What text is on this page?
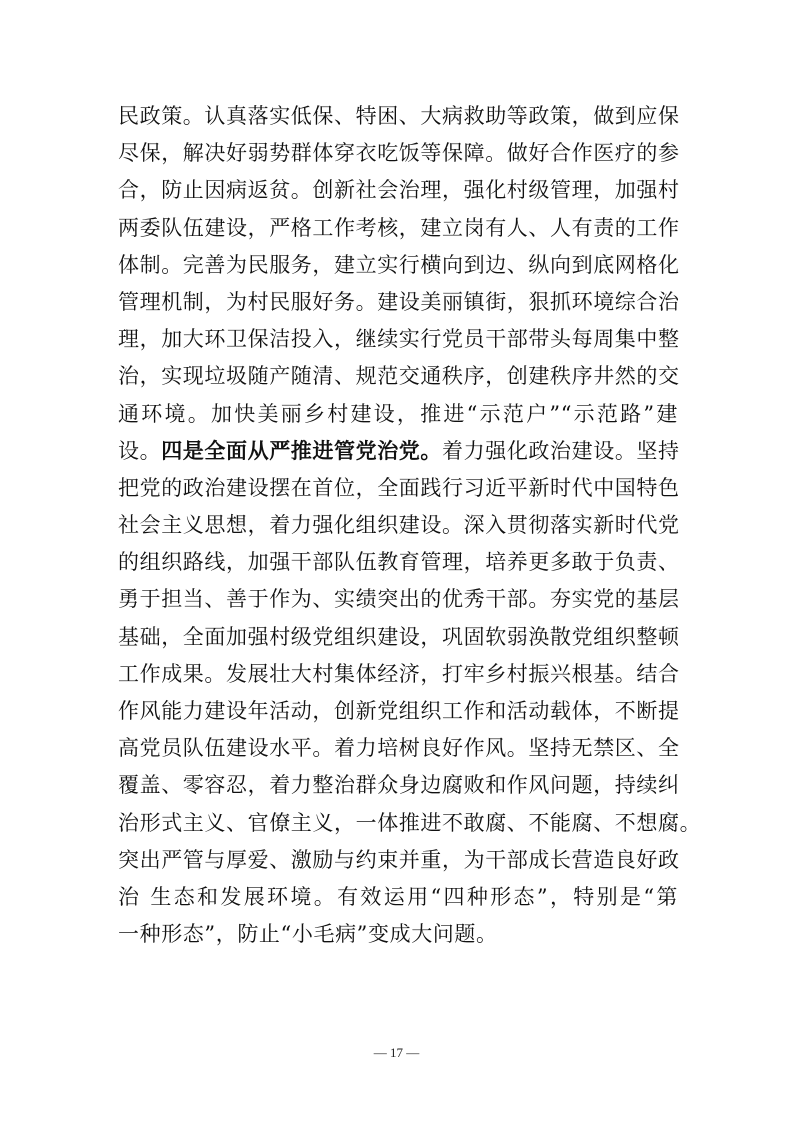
民政策。认真落实低保、特困、大病救助等政策，做到应保
尽保，解决好弱势群体穿衣吃饭等保障。做好合作医疗的参
合，防止因病返贫。创新社会治理，强化村级管理，加强村
两委队伍建设，严格工作考核，建立岗有人、人有责的工作
体制。完善为民服务，建立实行横向到边、纵向到底网格化
管理机制，为村民服好务。建设美丽镇街，狠抓环境综合治
理，加大环卫保洁投入，继续实行党员干部带头每周集中整
治，实现垃圾随产随清、规范交通秩序，创建秩序井然的交
通环境。加快美丽乡村建设，推进“示范户”“示范路”建
设。四是全面从严推进管党治党。着力强化政治建设。坚持
把党的政治建设摆在首位，全面践行习近平新时代中国特色
社会主义思想，着力强化组织建设。深入贯彻落实新时代党
的组织路线，加强干部队伍教育管理，培养更多敢于负责、
勇于担当、善于作为、实绩突出的优秀干部。夯实党的基层
基础，全面加强村级党组织建设，巩固软弱涣散党组织整顿
工作成果。发展壮大村集体经济，打牢乡村振兴根基。结合
作风能力建设年活动，创新党组织工作和活动载体，不断提
高党员队伍建设水平。着力培树良好作风。坚持无禁区、全
覆盖、零容忍，着力整治群众身边腐败和作风问题，持续纠
治形式主义、官僚主义，一体推进不敢腐、不能腐、不想腐。
突出严管与厚爱、激励与约束并重，为干部成长营造良好政
治 生态和发展环境。有效运用“四种形态”，特别是“第
一种形态”，防止“小毛病”变成大问题。
— 17 —
